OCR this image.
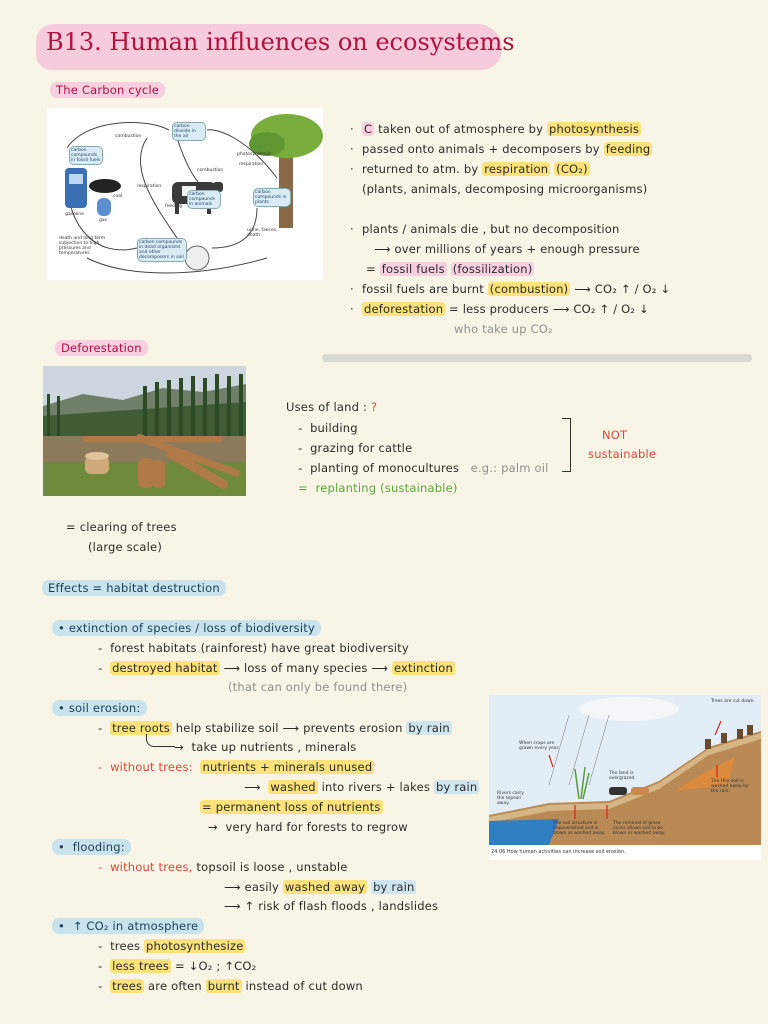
B13. Human influences on ecosystems
The Carbon cycle
carbon dioxide in the air
combustion
photosynthesis
respiration
combustion
respiration
carbon compounds in fossil fuels
coal
gasoline
gas
feeding
carbon compounds in animals
carbon compounds in plants
death and long term subjection to high pressures and temperatures
carbon compounds in dead organisms and other decomposers in soil
urine, faeces, death
· C taken out of atmosphere by photosynthesis
· passed onto animals + decomposers by feeding
· returned to atm. by respiration (CO₂)
(plants, animals, decomposing microorganisms)
· plants / animals die , but no decomposition
⟶ over millions of years + enough pressure
= fossil fuels (fossilization)
· fossil fuels are burnt (combustion) ⟶ CO₂ ↑ / O₂ ↓
· deforestation = less producers ⟶ CO₂ ↑ / O₂ ↓
who take up CO₂
Deforestation
Uses of land : ?
-  building
-  grazing for cattle
-  planting of monocultures e.g.: palm oil
=  replanting (sustainable)
NOT
sustainable
= clearing of trees
(large scale)
Effects = habitat destruction
• extinction of species / loss of biodiversity
-  forest habitats (rainforest) have great biodiversity
-  destroyed habitat ⟶ loss of many species ⟶ extinction
(that can only be found there)
• soil erosion:
-  tree roots help stabilize soil ⟶ prevents erosion by rain
→  take up nutrients , minerals
-  without trees: nutrients + minerals unused
⟶  washed into rivers + lakes by rain
= permanent loss of nutrients
→  very hard for forests to regrow
Trees are cut down.
When crops are grown every year.
The land is overgrazed.
Rivers carry the topsoil away.
The thin soil is washed away by the rain.
The soil structure is impoverished and is blown or washed away.
The removal of grass cover allows soil to be blown or washed away.
24.06 How human activities can increase soil erosion.
•  flooding:
-  without trees, topsoil is loose , unstable
⟶ easily washed away by rain
⟶ ↑ risk of flash floods , landslides
•  ↑ CO₂ in atmosphere
-  trees photosynthesize
-  less trees = ↓O₂ ; ↑CO₂
-  trees are often burnt instead of cut down
